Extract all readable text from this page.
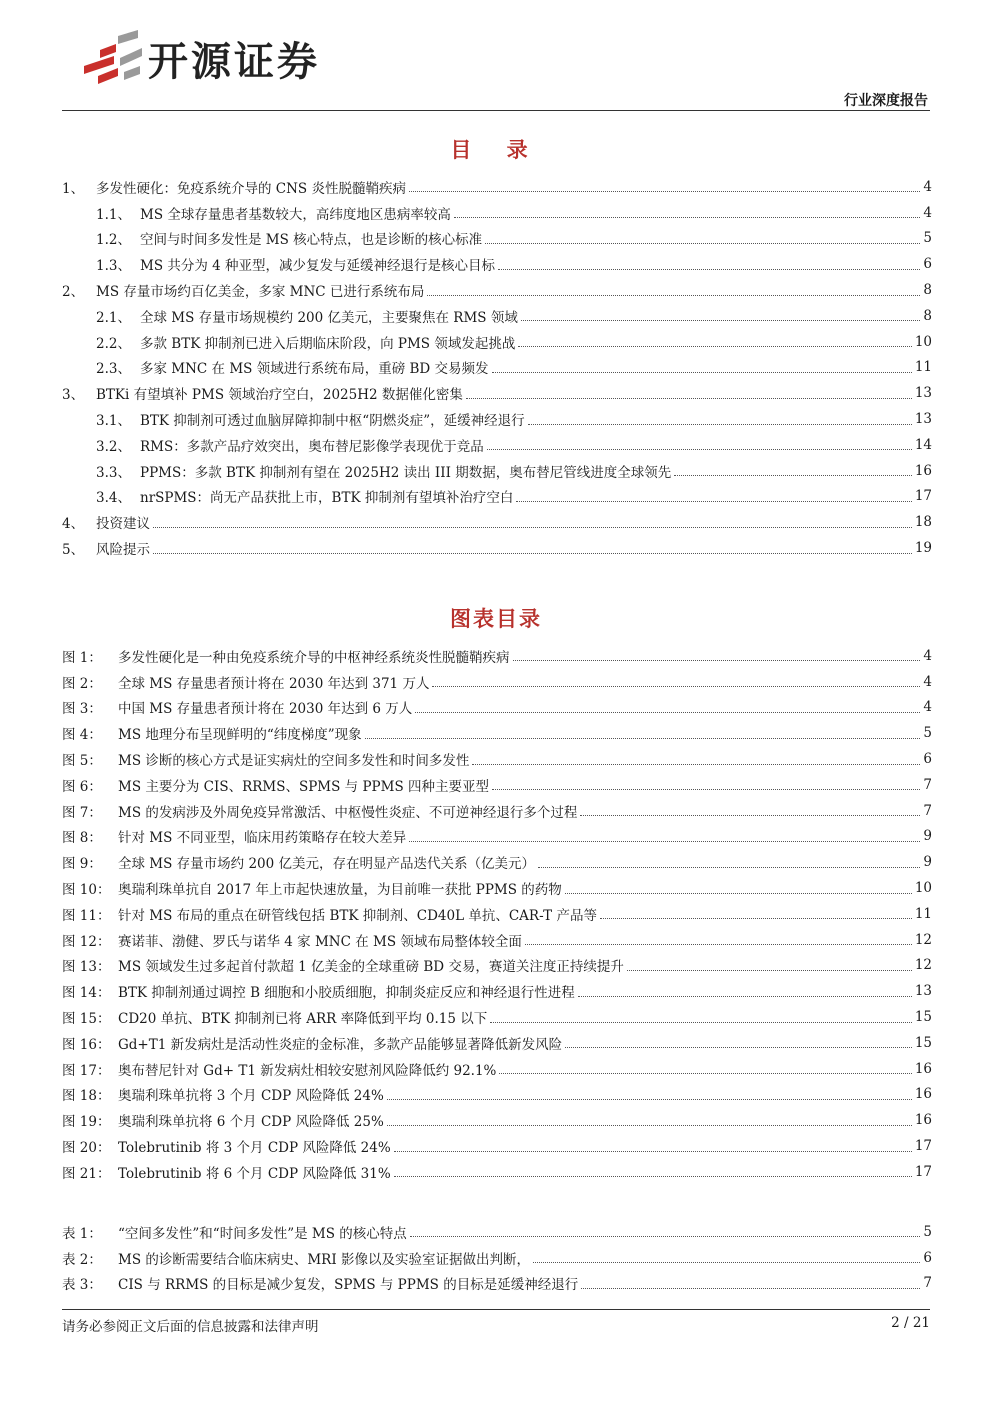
开源证券
行业深度报告
目 录
1、 多发性硬化：免疫系统介导的 CNS 炎性脱髓鞘疾病	4
1.1、 MS 全球存量患者基数较大，高纬度地区患病率较高	4
1.2、 空间与时间多发性是 MS 核心特点，也是诊断的核心标准	5
1.3、 MS 共分为 4 种亚型，减少复发与延缓神经退行是核心目标	6
2、 MS 存量市场约百亿美金，多家 MNC 已进行系统布局	8
2.1、 全球 MS 存量市场规模约 200 亿美元，主要聚焦在 RMS 领域	8
2.2、 多款 BTK 抑制剂已进入后期临床阶段，向 PMS 领域发起挑战	10
2.3、 多家 MNC 在 MS 领域进行系统布局，重磅 BD 交易频发	11
3、 BTKi 有望填补 PMS 领域治疗空白，2025H2 数据催化密集	13
3.1、 BTK 抑制剂可透过血脑屏障抑制中枢“阴燃炎症”，延缓神经退行	13
3.2、 RMS：多款产品疗效突出，奥布替尼影像学表现优于竞品	14
3.3、 PPMS：多款 BTK 抑制剂有望在 2025H2 读出 III 期数据，奥布替尼管线进度全球领先	16
3.4、 nrSPMS：尚无产品获批上市，BTK 抑制剂有望填补治疗空白	17
4、 投资建议	18
5、 风险提示	19
图表目录
图 1：	多发性硬化是一种由免疫系统介导的中枢神经系统炎性脱髓鞘疾病	4
图 2：	全球 MS 存量患者预计将在 2030 年达到 371 万人	4
图 3：	中国 MS 存量患者预计将在 2030 年达到 6 万人	4
图 4：	MS 地理分布呈现鲜明的“纬度梯度”现象	5
图 5：	MS 诊断的核心方式是证实病灶的空间多发性和时间多发性	6
图 6：	MS 主要分为 CIS、RRMS、SPMS 与 PPMS 四种主要亚型	7
图 7：	MS 的发病涉及外周免疫异常激活、中枢慢性炎症、不可逆神经退行多个过程	7
图 8：	针对 MS 不同亚型，临床用药策略存在较大差异	9
图 9：	全球 MS 存量市场约 200 亿美元，存在明显产品迭代关系（亿美元）	9
图 10： 奥瑞利珠单抗自 2017 年上市起快速放量，为目前唯一获批 PPMS 的药物	10
图 11： 针对 MS 布局的重点在研管线包括 BTK 抑制剂、CD40L 单抗、CAR-T 产品等	11
图 12： 赛诺菲、渤健、罗氏与诺华 4 家 MNC 在 MS 领域布局整体较全面	12
图 13： MS 领域发生过多起首付款超 1 亿美金的全球重磅 BD 交易，赛道关注度正持续提升	12
图 14： BTK 抑制剂通过调控 B 细胞和小胶质细胞，抑制炎症反应和神经退行性进程	13
图 15： CD20 单抗、BTK 抑制剂已将 ARR 率降低到平均 0.15 以下	15
图 16： Gd+T1 新发病灶是活动性炎症的金标准，多款产品能够显著降低新发风险	15
图 17： 奥布替尼针对 Gd+ T1 新发病灶相较安慰剂风险降低约 92.1%	16
图 18： 奥瑞利珠单抗将 3 个月 CDP 风险降低 24%	16
图 19： 奥瑞利珠单抗将 6 个月 CDP 风险降低 25%	16
图 20： Tolebrutinib 将 3 个月 CDP 风险降低 24%	17
图 21： Tolebrutinib 将 6 个月 CDP 风险降低 31%	17
表 1：	“空间多发性”和“时间多发性”是 MS 的核心特点	5
表 2：	MS 的诊断需要结合临床病史、MRI 影像以及实验室证据做出判断，	6
表 3：	CIS 与 RRMS 的目标是减少复发，SPMS 与 PPMS 的目标是延缓神经退行	7
请务必参阅正文后面的信息披露和法律声明	2 / 21
